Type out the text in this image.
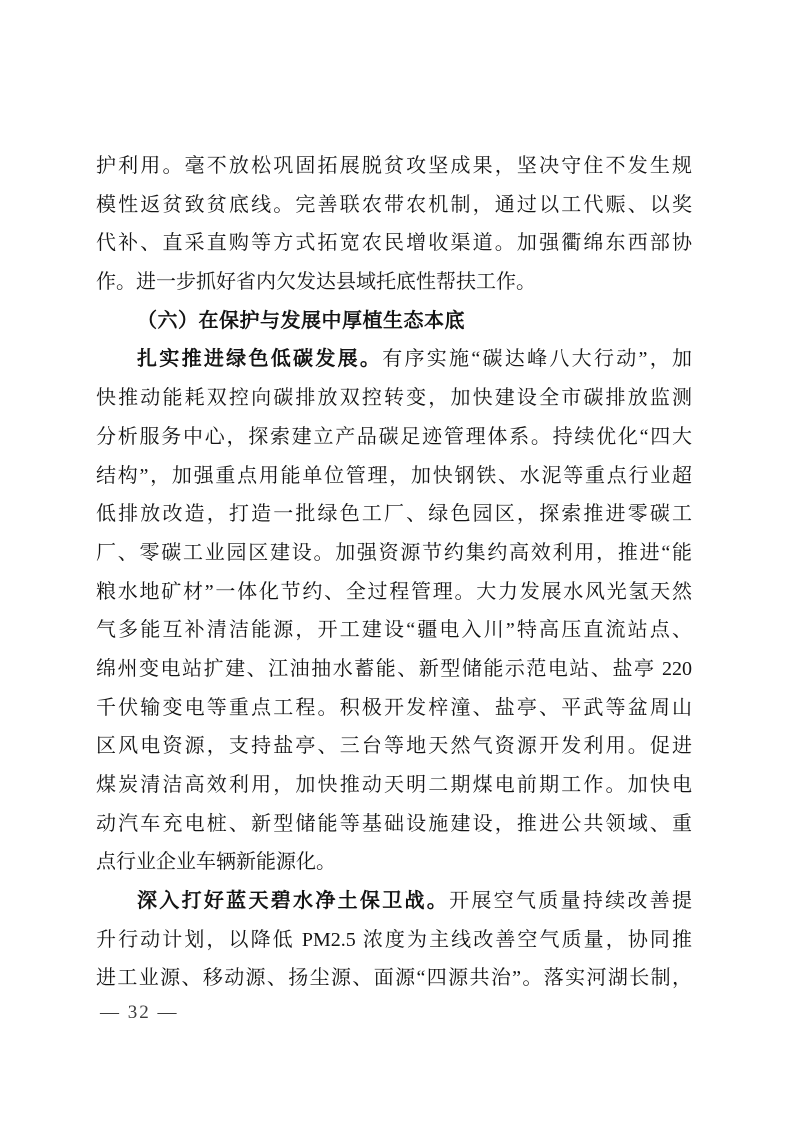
护利用。毫不放松巩固拓展脱贫攻坚成果，坚决守住不发生规
模性返贫致贫底线。完善联农带农机制，通过以工代赈、以奖
代补、直采直购等方式拓宽农民增收渠道。加强衢绵东西部协
作。进一步抓好省内欠发达县域托底性帮扶工作。
（六）在保护与发展中厚植生态本底
扎实推进绿色低碳发展。有序实施“碳达峰八大行动”，加
快推动能耗双控向碳排放双控转变，加快建设全市碳排放监测
分析服务中心，探索建立产品碳足迹管理体系。持续优化“四大
结构”，加强重点用能单位管理，加快钢铁、水泥等重点行业超
低排放改造，打造一批绿色工厂、绿色园区，探索推进零碳工
厂、零碳工业园区建设。加强资源节约集约高效利用，推进“能
粮水地矿材”一体化节约、全过程管理。大力发展水风光氢天然
气多能互补清洁能源，开工建设“疆电入川”特高压直流站点、
绵州变电站扩建、江油抽水蓄能、新型储能示范电站、盐亭 220
千伏输变电等重点工程。积极开发梓潼、盐亭、平武等盆周山
区风电资源，支持盐亭、三台等地天然气资源开发利用。促进
煤炭清洁高效利用，加快推动天明二期煤电前期工作。加快电
动汽车充电桩、新型储能等基础设施建设，推进公共领域、重
点行业企业车辆新能源化。
深入打好蓝天碧水净土保卫战。开展空气质量持续改善提
升行动计划，以降低 PM2.5 浓度为主线改善空气质量，协同推
进工业源、移动源、扬尘源、面源“四源共治”。落实河湖长制，
— 32 —
